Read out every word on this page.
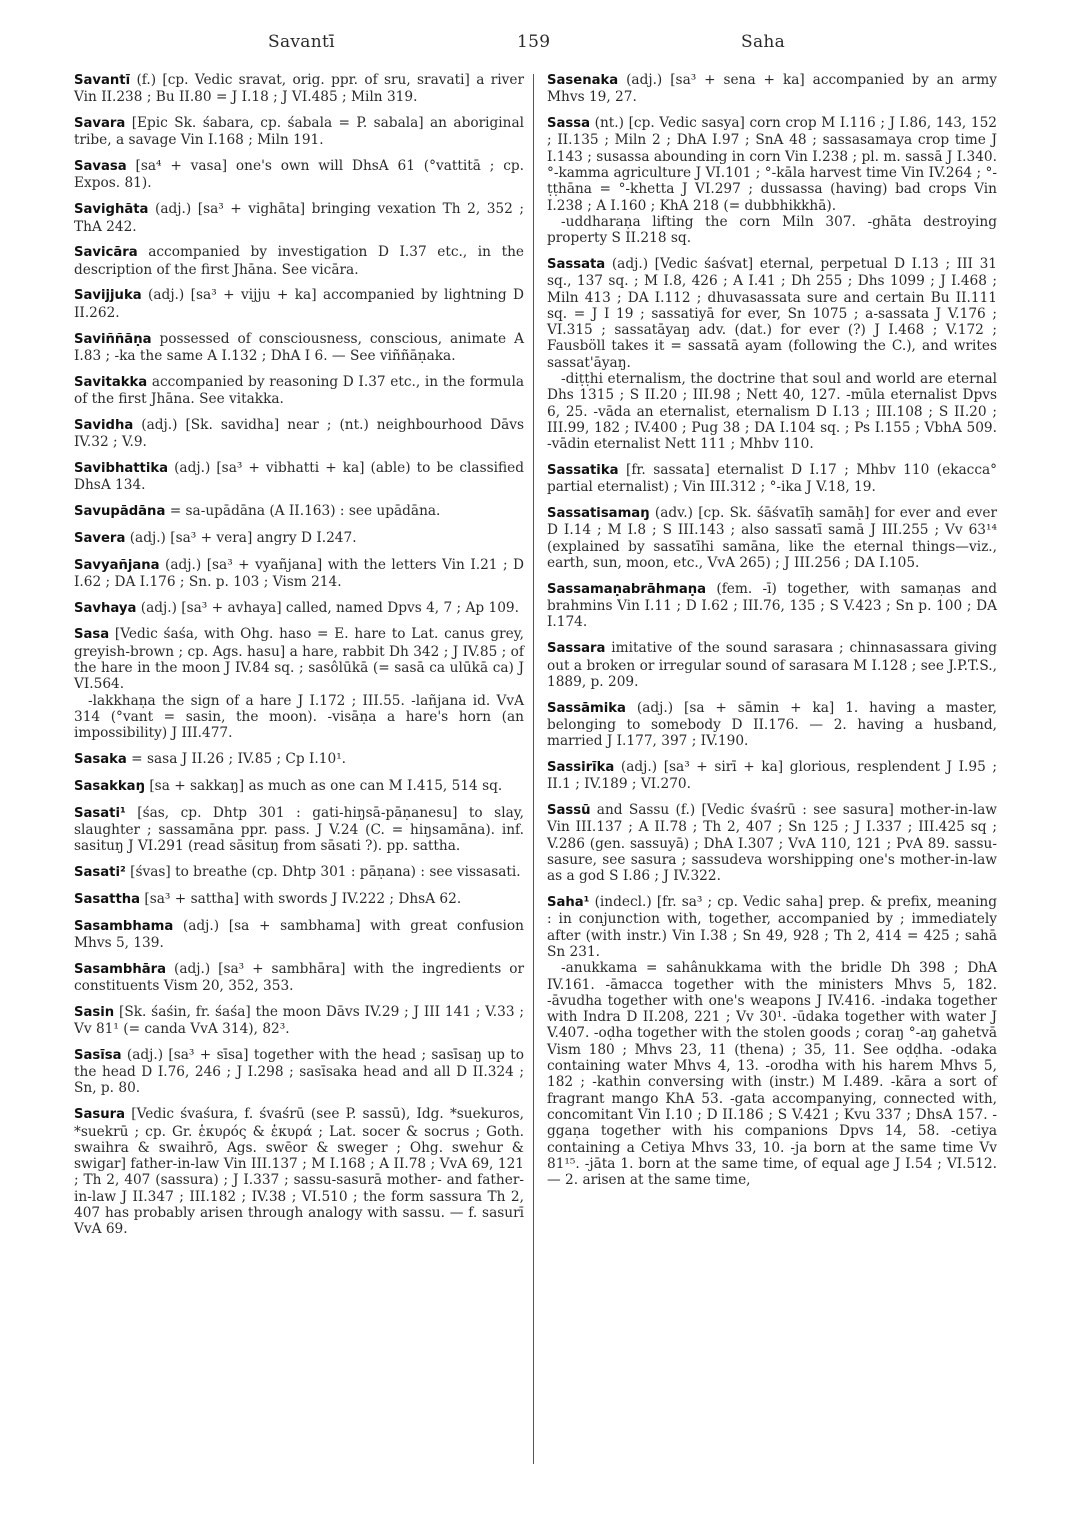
Savantī	159	Saha

Savantī (f.) [cp. Vedic sravat, orig. ppr. of sru, sravati] a river Vin II.238 ; Bu II.80 = J I.18 ; J VI.485 ; Miln 319.

Savara [Epic Sk. śabara, cp. śabala = P. sabala] an aboriginal tribe, a savage Vin I.168 ; Miln 191.

Savasa [sa⁴ + vasa] one's own will DhsA 61 (°vattitā ; cp. Expos. 81).

Savighāta (adj.) [sa³ + vighāta] bringing vexation Th 2, 352 ; ThA 242.

Savicāra accompanied by investigation D I.37 etc., in the description of the first Jhāna. See vicāra.

Savijjuka (adj.) [sa³ + vijju + ka] accompanied by lightning D II.262.

Saviññāṇa possessed of consciousness, conscious, animate A I.83 ; -ka the same A I.132 ; DhA I 6. — See viññāṇaka.

Savitakka accompanied by reasoning D I.37 etc., in the formula of the first Jhāna. See vitakka.

Savidha (adj.) [Sk. savidha] near ; (nt.) neighbourhood Dāvs IV.32 ; V.9.

Savibhattika (adj.) [sa³ + vibhatti + ka] (able) to be classified DhsA 134.

Savupādāna = sa-upādāna (A II.163) : see upādāna.

Savera (adj.) [sa³ + vera] angry D I.247.

Savyañjana (adj.) [sa³ + vyañjana] with the letters Vin I.21 ; D I.62 ; DA I.176 ; Sn. p. 103 ; Vism 214.

Savhaya (adj.) [sa³ + avhaya] called, named Dpvs 4, 7 ; Ap 109.

Sasa [Vedic śaśa, with Ohg. haso = E. hare to Lat. canus grey, greyish-brown ; cp. Ags. hasu] a hare, rabbit Dh 342 ; J IV.85 ; of the hare in the moon J IV.84 sq. ; sasôlūkā (= sasā ca ulūkā ca) J VI.564.

-lakkhaṇa the sign of a hare J I.172 ; III.55. -lañjana id. VvA 314 (°vant = sasin, the moon). -visāṇa a hare's horn (an impossibility) J III.477.

Sasaka = sasa J II.26 ; IV.85 ; Cp I.10¹.

Sasakkaŋ [sa + sakkaŋ] as much as one can M I.415, 514 sq.

Sasati¹ [śas, cp. Dhtp 301 : gati-hiŋsā-pāṇanesu] to slay, slaughter ; sassamāna ppr. pass. J V.24 (C. = hiŋsamāna). inf. sasituŋ J VI.291 (read sāsituŋ from sāsati ?). pp. sattha.

Sasati² [śvas] to breathe (cp. Dhtp 301 : pāṇana) : see vissasati.

Sasattha [sa³ + sattha] with swords J IV.222 ; DhsA 62.

Sasambhama (adj.) [sa + sambhama] with great confusion Mhvs 5, 139.

Sasambhāra (adj.) [sa³ + sambhāra] with the ingredients or constituents Vism 20, 352, 353.

Sasin [Sk. śaśin, fr. śaśa] the moon Dāvs IV.29 ; J III 141 ; V.33 ; Vv 81¹ (= canda VvA 314), 82³.

Sasīsa (adj.) [sa³ + sīsa] together with the head ; sasīsaŋ up to the head D I.76, 246 ; J I.298 ; sasīsaka head and all D II.324 ; Sn, p. 80.

Sasura [Vedic śvaśura, f. śvaśrū (see P. sassū), Idg. *suekuros, *suekrū ; cp. Gr. ἑκυρός & ἑκυρά ; Lat. socer & socrus ; Goth. swaihra & swaihrō, Ags. swēor & sweger ; Ohg. swehur & swigar] father-in-law Vin III.137 ; M I.168 ; A II.78 ; VvA 69, 121 ; Th 2, 407 (sassura) ; J I.337 ; sassu-sasurā mother- and father-in-law J II.347 ; III.182 ; IV.38 ; VI.510 ; the form sassura Th 2, 407 has probably arisen through analogy with sassu. — f. sasurī VvA 69.

Sasenaka (adj.) [sa³ + sena + ka] accompanied by an army Mhvs 19, 27.

Sassa (nt.) [cp. Vedic sasya] corn crop M I.116 ; J I.86, 143, 152 ; II.135 ; Miln 2 ; DhA I.97 ; SnA 48 ; sassasamaya crop time J I.143 ; susassa abounding in corn Vin I.238 ; pl. m. sassā J I.340. °-kamma agriculture J VI.101 ; °-kāla harvest time Vin IV.264 ; °-ṭṭhāna = °-khetta J VI.297 ; dussassa (having) bad crops Vin I.238 ; A I.160 ; KhA 218 (= dubbhikkhā).

-uddharaṇa lifting the corn Miln 307. -ghāta destroying property S II.218 sq.

Sassata (adj.) [Vedic śaśvat] eternal, perpetual D I.13 ; III 31 sq., 137 sq. ; M I.8, 426 ; A I.41 ; Dh 255 ; Dhs 1099 ; J I.468 ; Miln 413 ; DA I.112 ; dhuvasassata sure and certain Bu II.111 sq. = J I 19 ; sassatiyā for ever, Sn 1075 ; a-sassata J V.176 ; VI.315 ; sassatāyaŋ adv. (dat.) for ever (?) J I.468 ; V.172 ; Fausböll takes it = sassatā ayam (following the C.), and writes sassat'āyaŋ.

-diṭṭhi eternalism, the doctrine that soul and world are eternal Dhs 1315 ; S II.20 ; III.98 ; Nett 40, 127. -mūla eternalist Dpvs 6, 25. -vāda an eternalist, eternalism D I.13 ; III.108 ; S II.20 ; III.99, 182 ; IV.400 ; Pug 38 ; DA I.104 sq. ; Ps I.155 ; VbhA 509. -vādin eternalist Nett 111 ; Mhbv 110.

Sassatika [fr. sassata] eternalist D I.17 ; Mhbv 110 (ekacca° partial eternalist) ; Vin III.312 ; °-ika J V.18, 19.

Sassatisamaŋ (adv.) [cp. Sk. śāśvatīḥ samāḥ] for ever and ever D I.14 ; M I.8 ; S III.143 ; also sassatī samā J III.255 ; Vv 63¹⁴ (explained by sassatīhi samāna, like the eternal things—viz., earth, sun, moon, etc., VvA 265) ; J III.256 ; DA I.105.

Sassamaṇabrāhmaṇa (fem. -ī) together, with samaṇas and brahmins Vin I.11 ; D I.62 ; III.76, 135 ; S V.423 ; Sn p. 100 ; DA I.174.

Sassara imitative of the sound sarasara ; chinnasassara giving out a broken or irregular sound of sarasara M I.128 ; see J.P.T.S., 1889, p. 209.

Sassāmika (adj.) [sa + sāmin + ka] 1. having a master, belonging to somebody D II.176. — 2. having a husband, married J I.177, 397 ; IV.190.

Sassirīka (adj.) [sa³ + sirī + ka] glorious, resplendent J I.95 ; II.1 ; IV.189 ; VI.270.

Sassū and Sassu (f.) [Vedic śvaśrū : see sasura] mother-in-law Vin III.137 ; A II.78 ; Th 2, 407 ; Sn 125 ; J I.337 ; III.425 sq ; V.286 (gen. sassuyā) ; DhA I.307 ; VvA 110, 121 ; PvA 89. sassu-sasure, see sasura ; sassudeva worshipping one's mother-in-law as a god S I.86 ; J IV.322.

Saha¹ (indecl.) [fr. sa³ ; cp. Vedic saha] prep. & prefix, meaning : in conjunction with, together, accompanied by ; immediately after (with instr.) Vin I.38 ; Sn 49, 928 ; Th 2, 414 = 425 ; sahā Sn 231.

-anukkama = sahânukkama with the bridle Dh 398 ; DhA IV.161. -āmacca together with the ministers Mhvs 5, 182. -āvudha together with one's weapons J IV.416. -indaka together with Indra D II.208, 221 ; Vv 30¹. -ūdaka together with water J V.407. -oḍha together with the stolen goods ; coraŋ °-aŋ gahetvā Vism 180 ; Mhvs 23, 11 (thena) ; 35, 11. See oḍḍha. -odaka containing water Mhvs 4, 13. -orodha with his harem Mhvs 5, 182 ; -kathin conversing with (instr.) M I.489. -kāra a sort of fragrant mango KhA 53. -gata accompanying, connected with, concomitant Vin I.10 ; D II.186 ; S V.421 ; Kvu 337 ; DhsA 157. -ggaṇa together with his companions Dpvs 14, 58. -cetiya containing a Cetiya Mhvs 33, 10. -ja born at the same time Vv 81¹⁵. -jāta 1. born at the same time, of equal age J I.54 ; VI.512. — 2. arisen at the same time,
